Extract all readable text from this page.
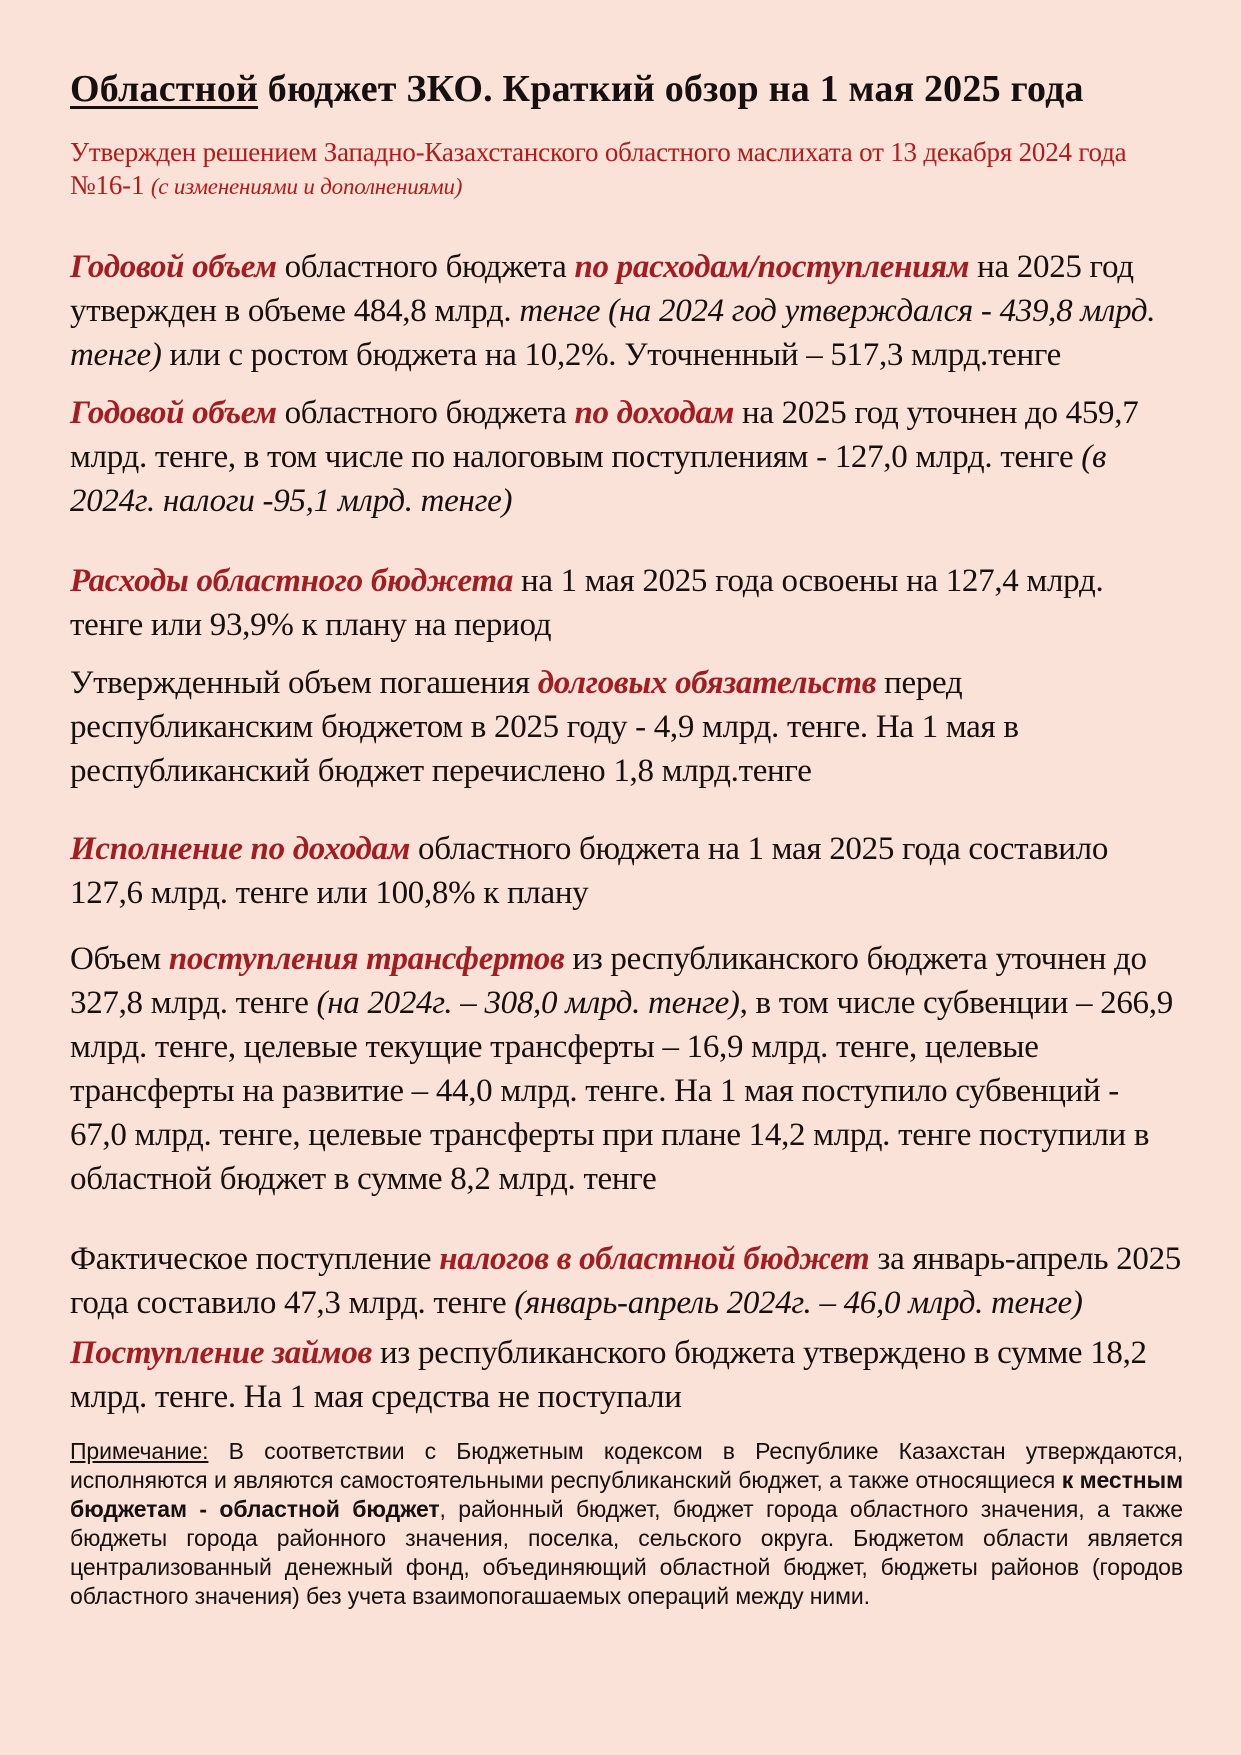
Областной бюджет ЗКО. Краткий обзор на 1 мая 2025 года

Утвержден решением Западно-Казахстанского областного маслихата от 13 декабря 2024 года №16-1 (с изменениями и дополнениями)

Годовой объем областного бюджета по расходам/поступлениям на 2025 год утвержден в объеме 484,8 млрд. тенге (на 2024 год утверждался - 439,8 млрд. тенге) или с ростом бюджета на 10,2%. Уточненный – 517,3 млрд.тенге

Годовой объем областного бюджета по доходам на 2025 год уточнен до 459,7 млрд. тенге, в том числе по налоговым поступлениям - 127,0 млрд. тенге (в 2024г. налоги -95,1 млрд. тенге)

Расходы областного бюджета на 1 мая 2025 года освоены на 127,4 млрд. тенге или 93,9% к плану на период

Утвержденный объем погашения долговых обязательств перед республиканским бюджетом в 2025 году - 4,9 млрд. тенге. На 1 мая в республиканский бюджет перечислено 1,8 млрд.тенге

Исполнение по доходам областного бюджета на 1 мая 2025 года составило 127,6 млрд. тенге или 100,8% к плану

Объем поступления трансфертов из республиканского бюджета уточнен до 327,8 млрд. тенге (на 2024г. – 308,0 млрд. тенге), в том числе субвенции – 266,9 млрд. тенге, целевые текущие трансферты – 16,9 млрд. тенге, целевые трансферты на развитие – 44,0 млрд. тенге. На 1 мая поступило субвенций - 67,0 млрд. тенге, целевые трансферты при плане 14,2 млрд. тенге поступили в областной бюджет в сумме 8,2 млрд. тенге

Фактическое поступление налогов в областной бюджет за январь-апрель 2025 года составило 47,3 млрд. тенге (январь-апрель 2024г. – 46,0 млрд. тенге)

Поступление займов из республиканского бюджета утверждено в сумме 18,2 млрд. тенге. На 1 мая средства не поступали

Примечание: В соответствии с Бюджетным кодексом в Республике Казахстан утверждаются, исполняются и являются самостоятельными республиканский бюджет, а также относящиеся к местным бюджетам - областной бюджет, районный бюджет, бюджет города областного значения, а также бюджеты города районного значения, поселка, сельского округа. Бюджетом области является централизованный денежный фонд, объединяющий областной бюджет, бюджеты районов (городов областного значения) без учета взаимопогашаемых операций между ними.
